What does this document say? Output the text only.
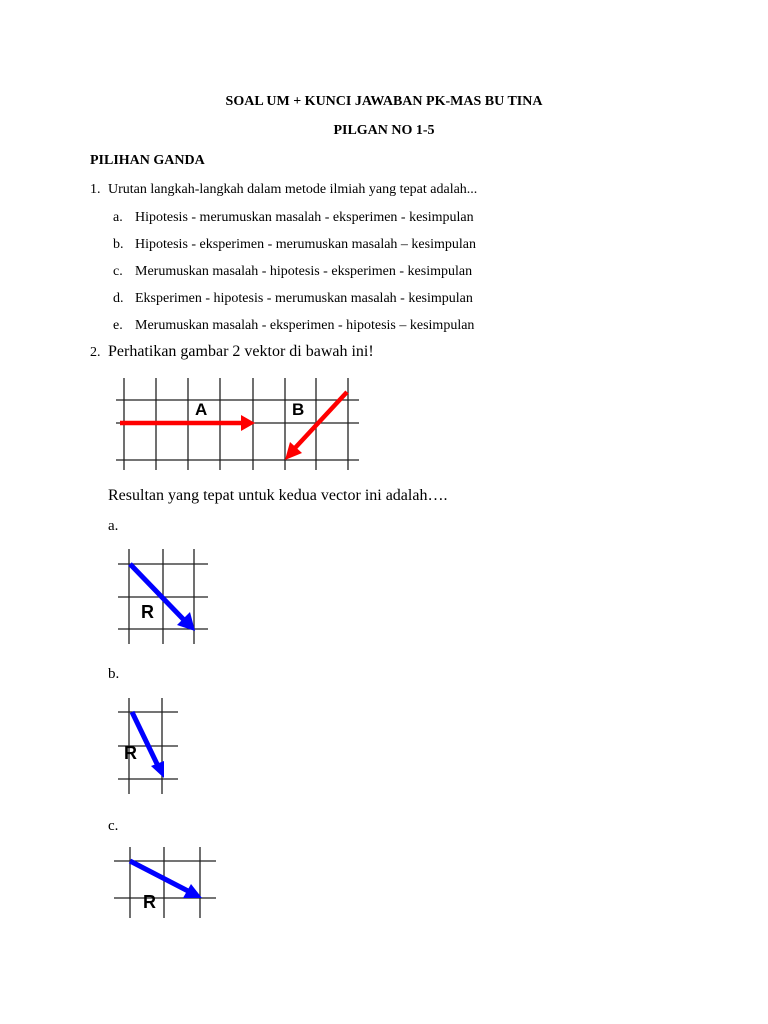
SOAL UM + KUNCI JAWABAN PK-MAS BU TINA
PILGAN NO 1-5
PILIHAN GANDA
1. Urutan langkah-langkah dalam metode ilmiah yang tepat adalah...
a. Hipotesis - merumuskan masalah - eksperimen - kesimpulan
b. Hipotesis - eksperimen - merumuskan masalah – kesimpulan
c. Merumuskan masalah - hipotesis - eksperimen - kesimpulan
d. Eksperimen - hipotesis - merumuskan masalah - kesimpulan
e. Merumuskan masalah - eksperimen - hipotesis – kesimpulan
2. Perhatikan gambar 2 vektor di bawah ini!
A	B
Resultan yang tepat untuk kedua vector ini adalah….
a.
R
b.
R
c.
R
